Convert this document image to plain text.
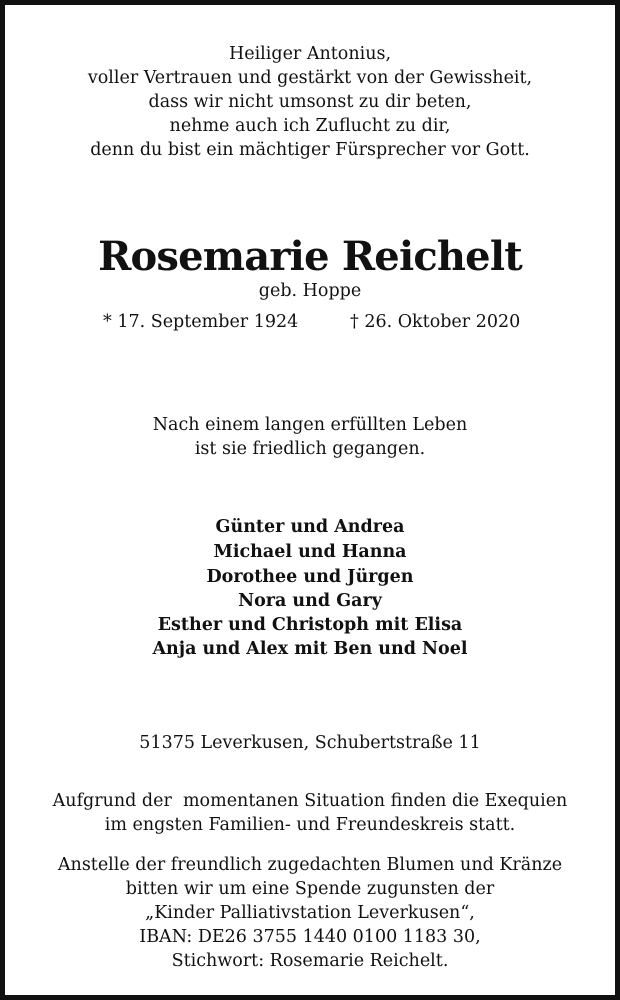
Heiliger Antonius,
voller Vertrauen und gestärkt von der Gewissheit,
dass wir nicht umsonst zu dir beten,
nehme auch ich Zuflucht zu dir,
denn du bist ein mächtiger Fürsprecher vor Gott.
Rosemarie Reichelt
geb. Hoppe
* 17. September 1924	† 26. Oktober 2020
Nach einem langen erfüllten Leben
ist sie friedlich gegangen.
Günter und Andrea
Michael und Hanna
Dorothee und Jürgen
Nora und Gary
Esther und Christoph mit Elisa
Anja und Alex mit Ben und Noel
51375 Leverkusen, Schubertstraße 11
Aufgrund der  momentanen Situation finden die Exequien
im engsten Familien- und Freundeskreis statt.
Anstelle der freundlich zugedachten Blumen und Kränze
bitten wir um eine Spende zugunsten der
„Kinder Palliativstation Leverkusen“,
IBAN: DE26 3755 1440 0100 1183 30,
Stichwort: Rosemarie Reichelt.
